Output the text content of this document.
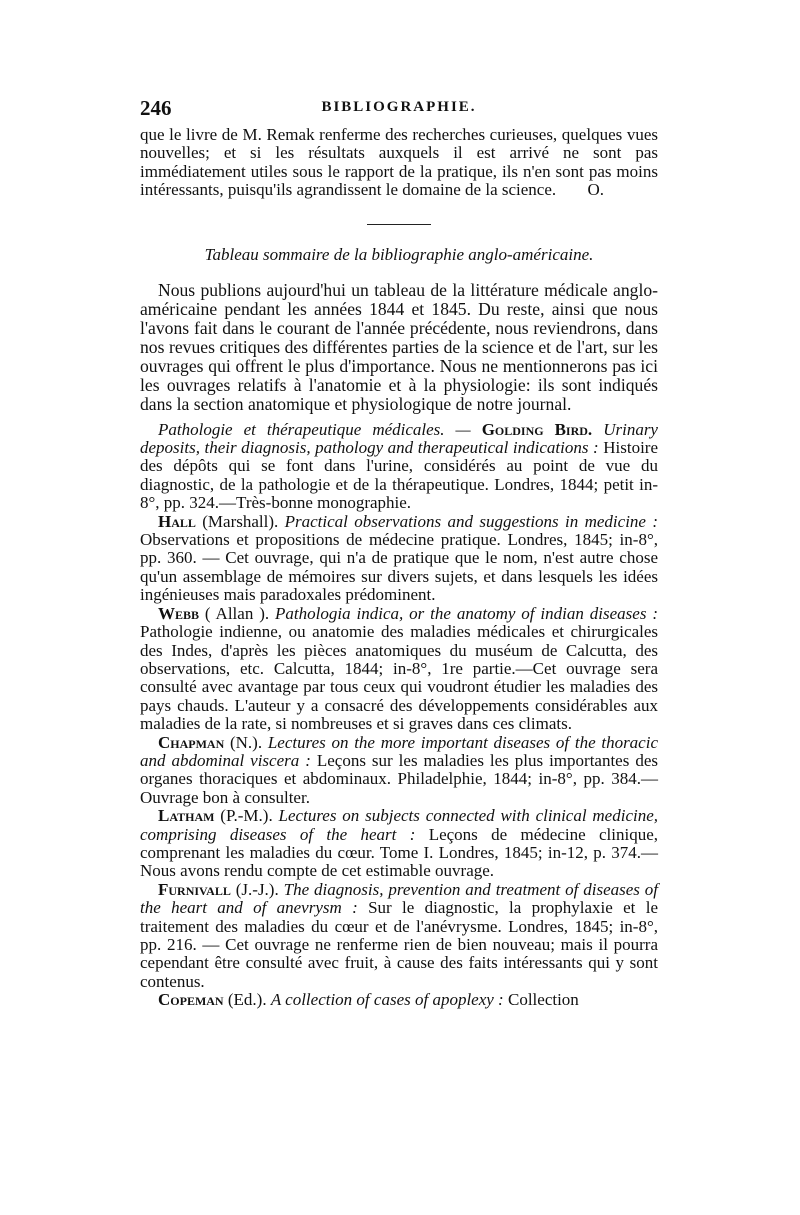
246	BIBLIOGRAPHIE.

que le livre de M. Remak renferme des recherches curieuses, quelques vues nouvelles; et si les résultats auxquels il est arrivé ne sont pas immédiatement utiles sous le rapport de la pratique, ils n'en sont pas moins intéressants, puisqu'ils agrandissent le domaine de la science. O.

Tableau sommaire de la bibliographie anglo-américaine.

Nous publions aujourd'hui un tableau de la littérature médicale anglo-américaine pendant les années 1844 et 1845. Du reste, ainsi que nous l'avons fait dans le courant de l'année précédente, nous reviendrons, dans nos revues critiques des différentes parties de la science et de l'art, sur les ouvrages qui offrent le plus d'importance. Nous ne mentionnerons pas ici les ouvrages relatifs à l'anatomie et à la physiologie: ils sont indiqués dans la section anatomique et physiologique de notre journal.

Pathologie et thérapeutique médicales. — Golding Bird. Urinary deposits, their diagnosis, pathology and therapeutical indications : Histoire des dépôts qui se font dans l'urine, considérés au point de vue du diagnostic, de la pathologie et de la thérapeutique. Londres, 1844; petit in-8°, pp. 324.—Très-bonne monographie.

Hall (Marshall). Practical observations and suggestions in medicine : Observations et propositions de médecine pratique. Londres, 1845; in-8°, pp. 360. — Cet ouvrage, qui n'a de pratique que le nom, n'est autre chose qu'un assemblage de mémoires sur divers sujets, et dans lesquels les idées ingénieuses mais paradoxales prédominent.

Webb ( Allan ). Pathologia indica, or the anatomy of indian diseases : Pathologie indienne, ou anatomie des maladies médicales et chirurgicales des Indes, d'après les pièces anatomiques du muséum de Calcutta, des observations, etc. Calcutta, 1844; in-8°, 1re partie.—Cet ouvrage sera consulté avec avantage par tous ceux qui voudront étudier les maladies des pays chauds. L'auteur y a consacré des développements considérables aux maladies de la rate, si nombreuses et si graves dans ces climats.

Chapman (N.). Lectures on the more important diseases of the thoracic and abdominal viscera : Leçons sur les maladies les plus importantes des organes thoraciques et abdominaux. Philadelphie, 1844; in-8°, pp. 384.— Ouvrage bon à consulter.

Latham (P.-M.). Lectures on subjects connected with clinical medicine, comprising diseases of the heart : Leçons de médecine clinique, comprenant les maladies du cœur. Tome I. Londres, 1845; in-12, p. 374.—Nous avons rendu compte de cet estimable ouvrage.

Furnivall (J.-J.). The diagnosis, prevention and treatment of diseases of the heart and of anevrysm : Sur le diagnostic, la prophylaxie et le traitement des maladies du cœur et de l'anévrysme. Londres, 1845; in-8°, pp. 216. — Cet ouvrage ne renferme rien de bien nouveau; mais il pourra cependant être consulté avec fruit, à cause des faits intéressants qui y sont contenus.

Copeman (Ed.). A collection of cases of apoplexy : Collection
